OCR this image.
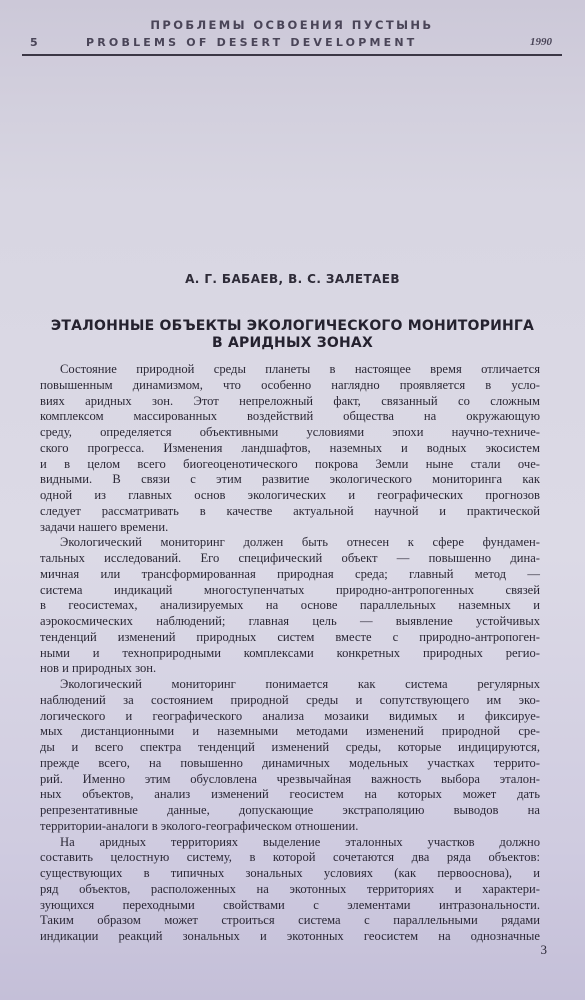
ПРОБЛЕМЫ ОСВОЕНИЯ ПУСТЫНЬ
5	PROBLEMS OF DESERT DEVELOPMENT	1990
А. Г. БАБАЕВ, В. С. ЗАЛЕТАЕВ
ЭТАЛОННЫЕ ОБЪЕКТЫ ЭКОЛОГИЧЕСКОГО МОНИТОРИНГА
В АРИДНЫХ ЗОНАХ
Состояние природной среды планеты в настоящее время отличается
повышенным динамизмом, что особенно наглядно проявляется в усло-
виях аридных зон. Этот непреложный факт, связанный со сложным
комплексом массированных воздействий общества на окружающую
среду, определяется объективными условиями эпохи научно-техниче-
ского прогресса. Изменения ландшафтов, наземных и водных экосистем
и в целом всего биогеоценотического покрова Земли ныне стали оче-
видными. В связи с этим развитие экологического мониторинга как
одной из главных основ экологических и географических прогнозов
следует рассматривать в качестве актуальной научной и практической
задачи нашего времени.
Экологический мониторинг должен быть отнесен к сфере фундамен-
тальных исследований. Его специфический объект — повышенно дина-
мичная или трансформированная природная среда; главный метод —
система индикаций многоступенчатых природно-антропогенных связей
в геосистемах, анализируемых на основе параллельных наземных и
аэрокосмических наблюдений; главная цель — выявление устойчивых
тенденций изменений природных систем вместе с природно-антропоген-
ными и техноприродными комплексами конкретных природных регио-
нов и природных зон.
Экологический мониторинг понимается как система регулярных
наблюдений за состоянием природной среды и сопутствующего им эко-
логического и географического анализа мозаики видимых и фиксируе-
мых дистанционными и наземными методами изменений природной сре-
ды и всего спектра тенденций изменений среды, которые индицируются,
прежде всего, на повышенно динамичных модельных участках террито-
рий. Именно этим обусловлена чрезвычайная важность выбора эталон-
ных объектов, анализ изменений геосистем на которых может дать
репрезентативные данные, допускающие экстраполяцию выводов на
территории-аналоги в эколого-географическом отношении.
На аридных территориях выделение эталонных участков должно
составить целостную систему, в которой сочетаются два ряда объектов:
существующих в типичных зональных условиях (как первооснова), и
ряд объектов, расположенных на экотонных территориях и характери-
зующихся переходными свойствами с элементами интразональности.
Таким образом может строиться система с параллельными рядами
индикации реакций зональных и экотонных геосистем на однозначные
3
